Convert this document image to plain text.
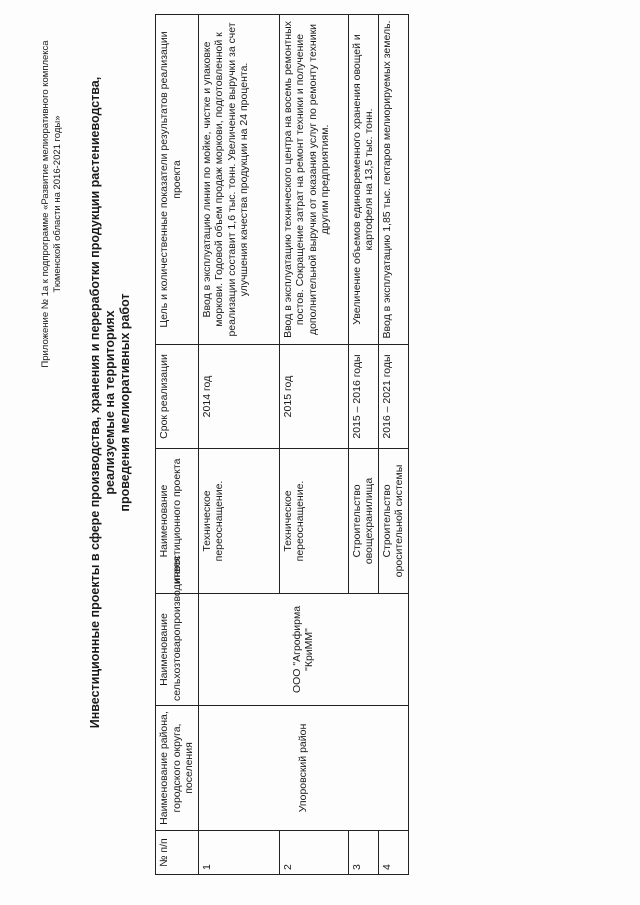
Приложение № 1а к подпрограмме «Развитие мелиоративного комплекса Тюменской области на 2016-2021 годы» Инвестиционные проекты в сфере производства, хранения и переработки продукции растениеводства, реализуемые на территориях проведения мелиоративных работ
№ п/п	Наименование района, городского округа, поселения	Наименование сельхозтоваропроизводителя	Наименование инвестиционного проекта	Срок реализации	Цель и количественные показатели результатов реализации проекта
1	Упоровский район	ООО "Агрофирма "КриММ"	Техническое переоснащение.	2014 год	Ввод в эксплуатацию линии по мойке, чистке и упаковке моркови. Годовой объем продаж моркови, подготовленной к реализации составит 1,6 тыс. тонн. Увеличение выручки за счет улучшения качества продукции на 24 процента.
2			Техническое переоснащение.	2015 год	Ввод в эксплуатацию технического центра на восемь ремонтных постов. Сокращение затрат на ремонт техники и получение дополнительной выручки от оказания услуг по ремонту техники другим предприятиям.
3			Строительство овощехранилища	2015 – 2016 годы	Увеличение объемов единовременного хранения овощей и картофеля на 13,5 тыс. тонн.
4			Строительство оросительной системы	2016 – 2021 годы	Ввод в эксплуатацию 1,85 тыс. гектаров мелиорируемых земель.
